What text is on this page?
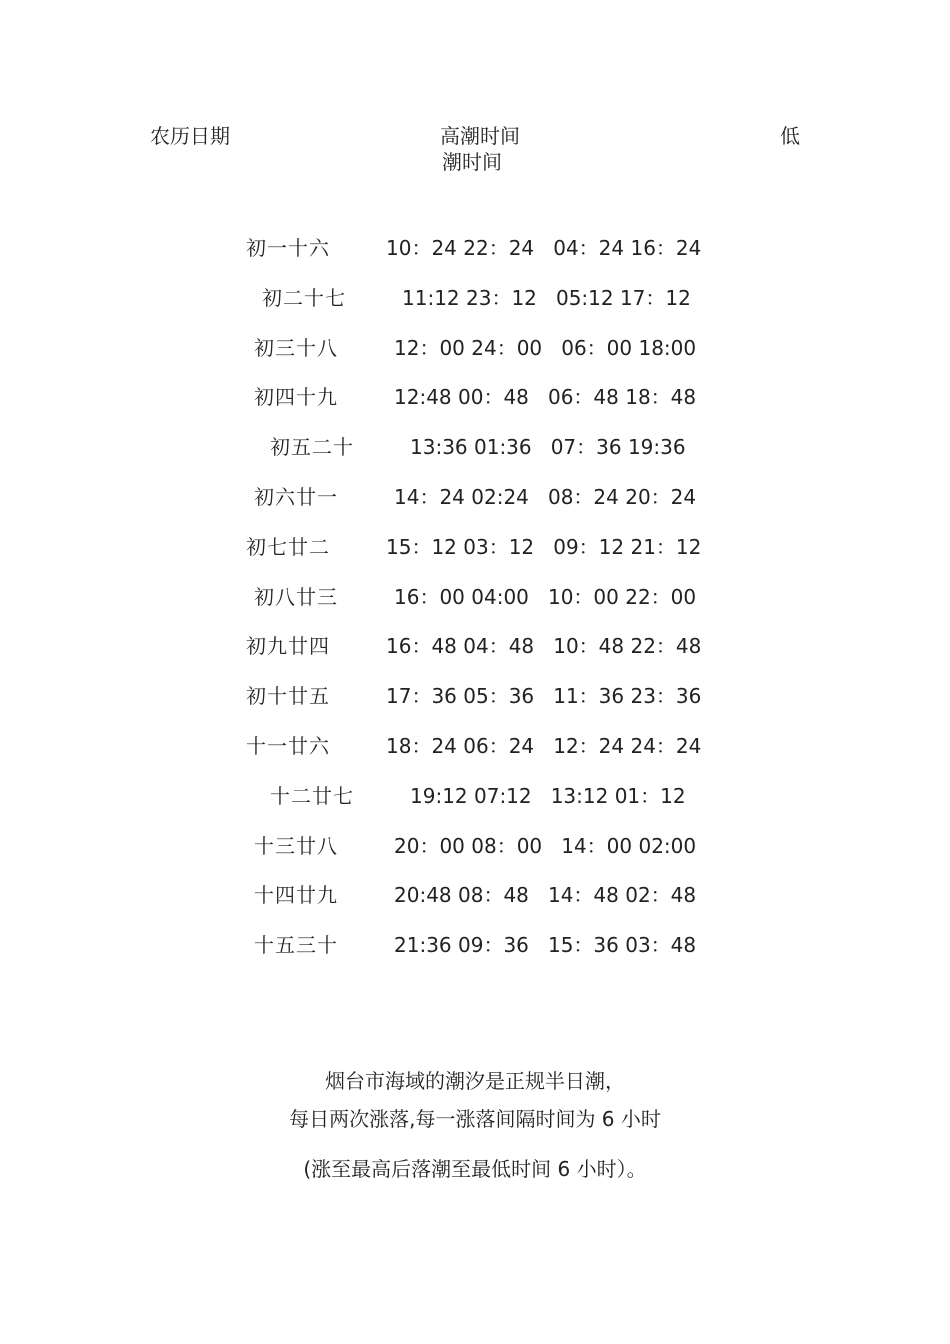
农历日期	高潮时间	低
潮时间
初一十六	10：24 22：24   04：24 16：24
初二十七	11:12 23：12   05:12 17：12
初三十八	12：00 24：00   06：00 18:00
初四十九	12:48 00：48   06：48 18：48
初五二十	13:36 01:36   07：36 19:36
初六廿一	14：24 02:24   08：24 20：24
初七廿二	15：12 03：12   09：12 21：12
初八廿三	16：00 04:00   10：00 22：00
初九廿四	16：48 04：48   10：48 22：48
初十廿五	17：36 05：36   11：36 23：36
十一廿六	18：24 06：24   12：24 24：24
十二廿七	19:12 07:12   13:12 01：12
十三廿八	20：00 08：00   14：00 02:00
十四廿九	20:48 08：48   14：48 02：48
十五三十	21:36 09：36   15：36 03：48
烟台市海域的潮汐是正规半日潮，
每日两次涨落,每一涨落间隔时间为 6 小时
(涨至最高后落潮至最低时间 6 小时）。
